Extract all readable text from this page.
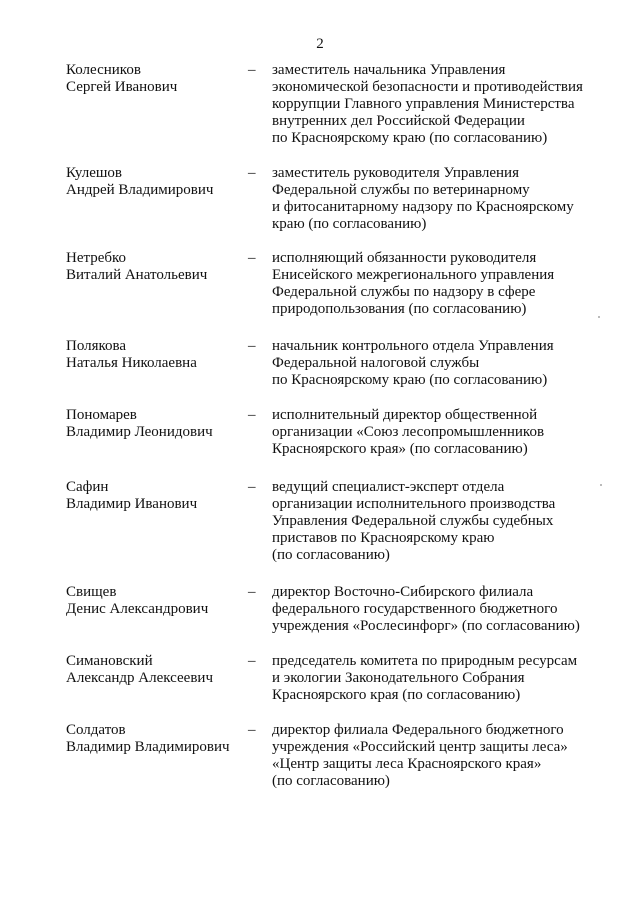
2
Колесников
Сергей Иванович
– заместитель начальника Управления
экономической безопасности и противодействия
коррупции Главного управления Министерства
внутренних дел Российской Федерации
по Красноярскому краю (по согласованию)
Кулешов
Андрей Владимирович
– заместитель руководителя Управления
Федеральной службы по ветеринарному
и фитосанитарному надзору по Красноярскому
краю (по согласованию)
Нетребко
Виталий Анатольевич
– исполняющий обязанности руководителя
Енисейского межрегионального управления
Федеральной службы по надзору в сфере
природопользования (по согласованию)
Полякова
Наталья Николаевна
– начальник контрольного отдела Управления
Федеральной налоговой службы
по Красноярскому краю (по согласованию)
Пономарев
Владимир Леонидович
– исполнительный директор общественной
организации «Союз лесопромышленников
Красноярского края» (по согласованию)
Сафин
Владимир Иванович
– ведущий специалист-эксперт отдела
организации исполнительного производства
Управления Федеральной службы судебных
приставов по Красноярскому краю
(по согласованию)
Свищев
Денис Александрович
– директор Восточно-Сибирского филиала
федерального государственного бюджетного
учреждения «Рослесинфорг» (по согласованию)
Симановский
Александр Алексеевич
– председатель комитета по природным ресурсам
и экологии Законодательного Собрания
Красноярского края (по согласованию)
Солдатов
Владимир Владимирович
– директор филиала Федерального бюджетного
учреждения «Российский центр защиты леса»
«Центр защиты леса Красноярского края»
(по согласованию)
